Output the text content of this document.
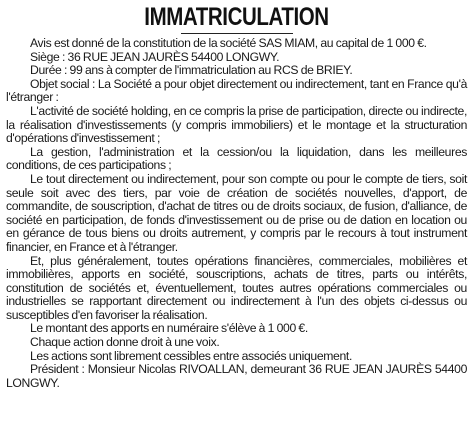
IMMATRICULATION

Avis est donné de la constitution de la société SAS MIAM, au capital de 1 000 €.

Siège : 36 RUE JEAN JAURÈS 54400 LONGWY.

Durée : 99 ans à compter de l'immatriculation au RCS de BRIEY.

Objet social : La Société a pour objet directement ou indirectement, tant en France qu'à l'étranger :

L'activité de société holding, en ce compris la prise de participation, directe ou indirecte, la réalisation d'investissements (y compris immobiliers) et le montage et la structuration d'opérations d'investissement ;

La gestion, l'administration et la cession/ou la liquidation, dans les meilleures conditions, de ces participations ;

Le tout directement ou indirectement, pour son compte ou pour le compte de tiers, soit seule soit avec des tiers, par voie de création de sociétés nouvelles, d'apport, de commandite, de souscription, d'achat de titres ou de droits sociaux, de fusion, d'alliance, de société en participation, de fonds d'investissement ou de prise ou de dation en location ou en gérance de tous biens ou droits autrement, y compris par le recours à tout instrument financier, en France et à l'étranger.

Et, plus généralement, toutes opérations financières, commerciales, mobilières et immobilières, apports en société, souscriptions, achats de titres, parts ou intérêts, constitution de sociétés et, éventuellement, toutes autres opérations commerciales ou industrielles se rapportant directement ou indirectement à l'un des objets ci-dessus ou susceptibles d'en favoriser la réalisation.

Le montant des apports en numéraire s'élève à 1 000 €.

Chaque action donne droit à une voix.

Les actions sont librement cessibles entre associés uniquement.

Président : Monsieur Nicolas RIVOALLAN, demeurant 36 RUE JEAN JAURÈS 54400 LONGWY.
